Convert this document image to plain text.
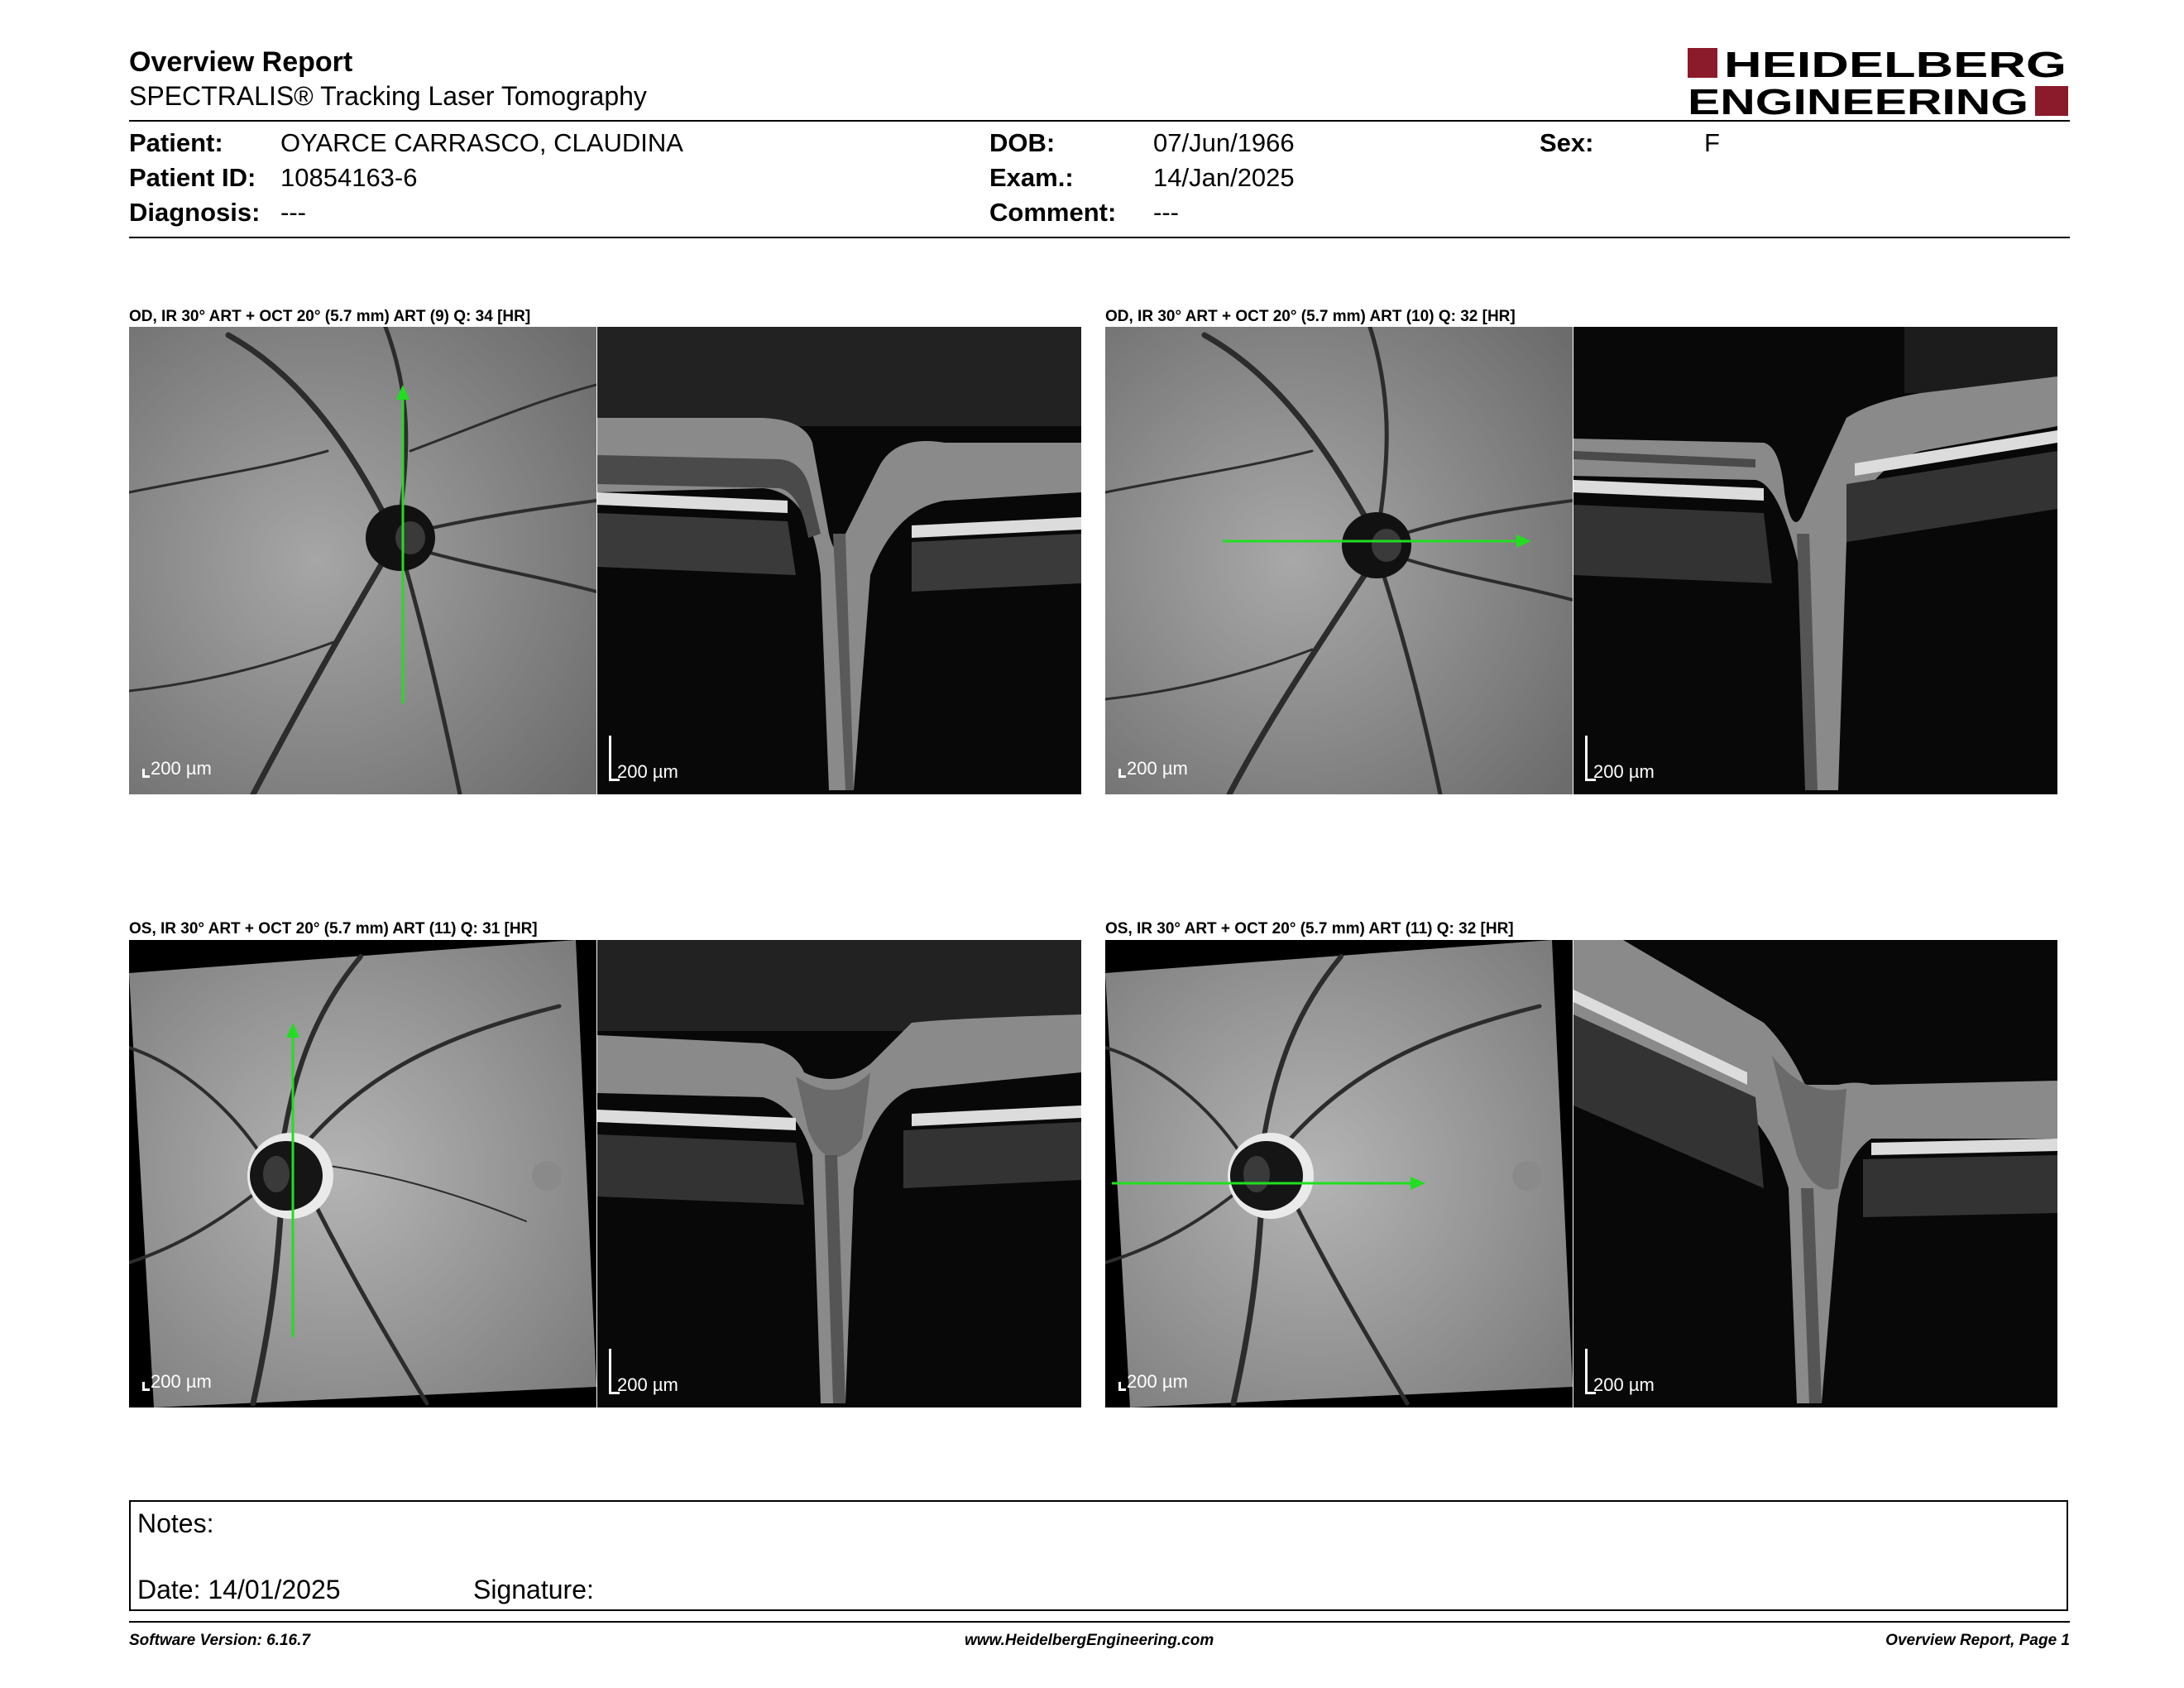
Overview Report
SPECTRALIS® Tracking Laser Tomography
HEIDELBERG
ENGINEERING
Patient: OYARCE CARRASCO, CLAUDINA
Patient ID: 10854163-6
Diagnosis: ---
DOB:	07/Jun/1966
Exam.:	14/Jan/2025
Comment: ---
Sex:	F
OD, IR 30° ART + OCT 20° (5.7 mm) ART (9) Q: 34 [HR]
200 µm	200 µm
OD, IR 30° ART + OCT 20° (5.7 mm) ART (10) Q: 32 [HR]
200 µm	200 µm
OS, IR 30° ART + OCT 20° (5.7 mm) ART (11) Q: 31 [HR]
200 µm	200 µm
OS, IR 30° ART + OCT 20° (5.7 mm) ART (11) Q: 32 [HR]
200 µm	200 µm
Notes:
Date: 14/01/2025	Signature:
Software Version: 6.16.7	www.HeidelbergEngineering.com	Overview Report, Page 1
